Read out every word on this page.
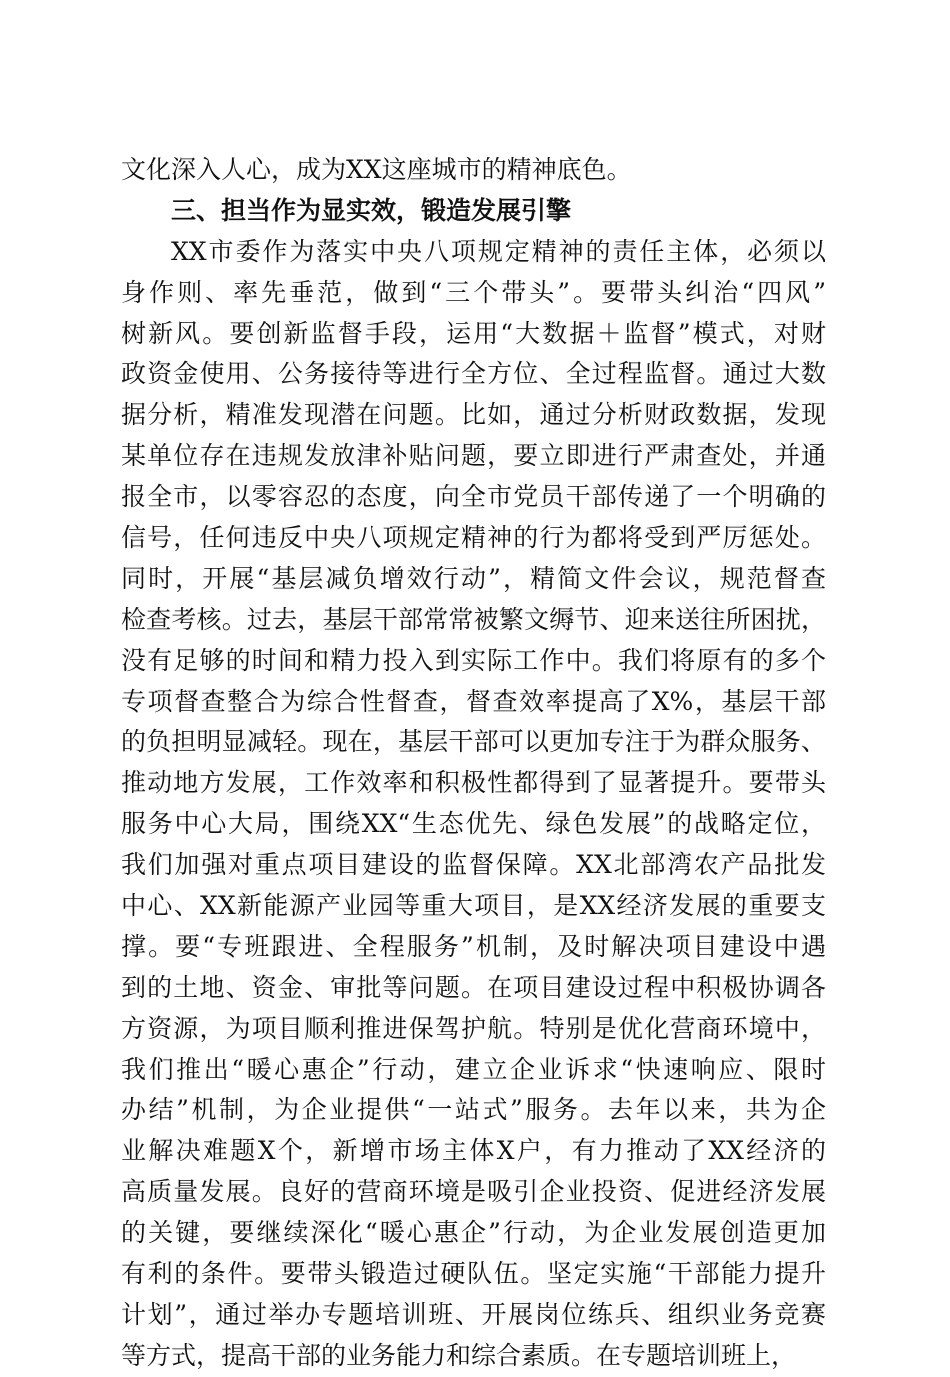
文化深入人心，成为XX这座城市的精神底色。
三、担当作为显实效，锻造发展引擎
XX市委作为落实中央八项规定精神的责任主体，必须以
身作则、率先垂范，做到“三个带头”。要带头纠治“四风”
树新风。要创新监督手段，运用“大数据＋监督”模式，对财
政资金使用、公务接待等进行全方位、全过程监督。通过大数
据分析，精准发现潜在问题。比如，通过分析财政数据，发现
某单位存在违规发放津补贴问题，要立即进行严肃查处，并通
报全市，以零容忍的态度，向全市党员干部传递了一个明确的
信号，任何违反中央八项规定精神的行为都将受到严厉惩处。
同时，开展“基层减负增效行动”，精简文件会议，规范督查
检查考核。过去，基层干部常常被繁文缛节、迎来送往所困扰，
没有足够的时间和精力投入到实际工作中。我们将原有的多个
专项督查整合为综合性督查，督查效率提高了X%，基层干部
的负担明显减轻。现在，基层干部可以更加专注于为群众服务、
推动地方发展，工作效率和积极性都得到了显著提升。要带头
服务中心大局，围绕XX“生态优先、绿色发展”的战略定位，
我们加强对重点项目建设的监督保障。XX北部湾农产品批发
中心、XX新能源产业园等重大项目，是XX经济发展的重要支
撑。要“专班跟进、全程服务”机制，及时解决项目建设中遇
到的土地、资金、审批等问题。在项目建设过程中积极协调各
方资源，为项目顺利推进保驾护航。特别是优化营商环境中，
我们推出“暖心惠企”行动，建立企业诉求“快速响应、限时
办结”机制，为企业提供“一站式”服务。去年以来，共为企
业解决难题X个，新增市场主体X户，有力推动了XX经济的
高质量发展。良好的营商环境是吸引企业投资、促进经济发展
的关键，要继续深化“暖心惠企”行动，为企业发展创造更加
有利的条件。要带头锻造过硬队伍。坚定实施“干部能力提升
计划”，通过举办专题培训班、开展岗位练兵、组织业务竞赛
等方式，提高干部的业务能力和综合素质。在专题培训班上，
